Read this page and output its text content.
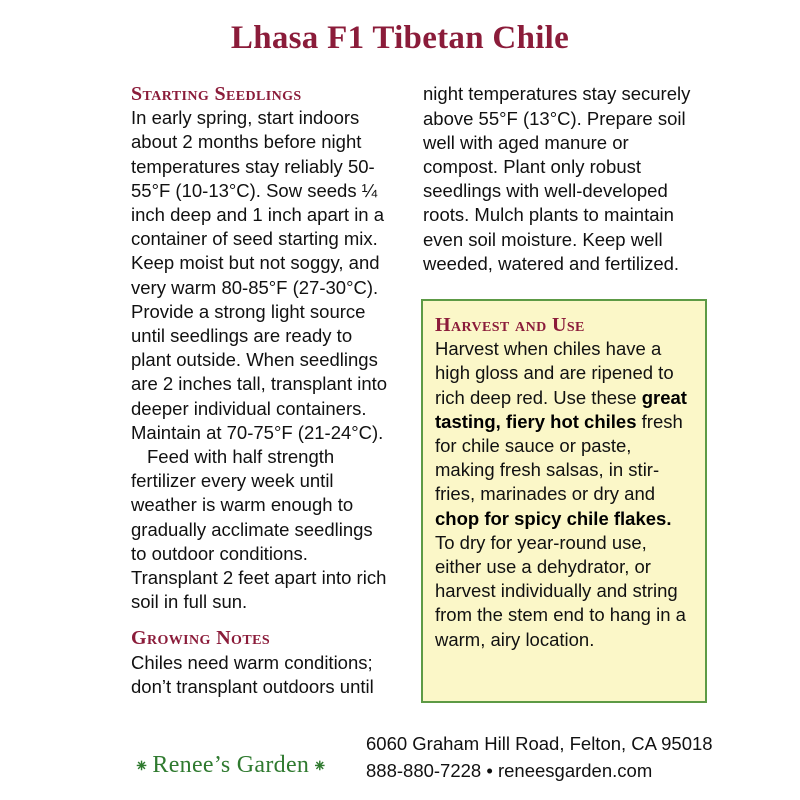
Lhasa F1 Tibetan Chile
Starting Seedlings

In early spring, start indoors about 2 months before night temperatures stay reliably 50-55°F (10-13°C). Sow seeds ¼ inch deep and 1 inch apart in a container of seed starting mix. Keep moist but not soggy, and very warm 80-85°F (27-30°C). Provide a strong light source until seedlings are ready to plant outside. When seedlings are 2 inches tall, transplant into deeper individual containers. Maintain at 70-75°F (21-24°C).

Feed with half strength fertilizer every week until weather is warm enough to gradually acclimate seedlings to outdoor conditions. Transplant 2 feet apart into rich soil in full sun.

Growing Notes

Chiles need warm conditions; don’t transplant outdoors until

night temperatures stay securely above 55°F (13°C). Prepare soil well with aged manure or compost. Plant only robust seedlings with well-developed roots. Mulch plants to maintain even soil moisture. Keep well weeded, watered and fertilized.

Harvest and Use

Harvest when chiles have a high gloss and are ripened to rich deep red. Use these great tasting, fiery hot chiles fresh for chile sauce or paste, making fresh salsas, in stir-fries, marinades or dry and chop for spicy chile flakes. To dry for year-round use, either use a dehydrator, or harvest individually and string from the stem end to hang in a warm, airy location.

⁕ Renee’s Garden ⁕
6060 Graham Hill Road, Felton, CA 95018
888-880-7228 • reneesgarden.com
